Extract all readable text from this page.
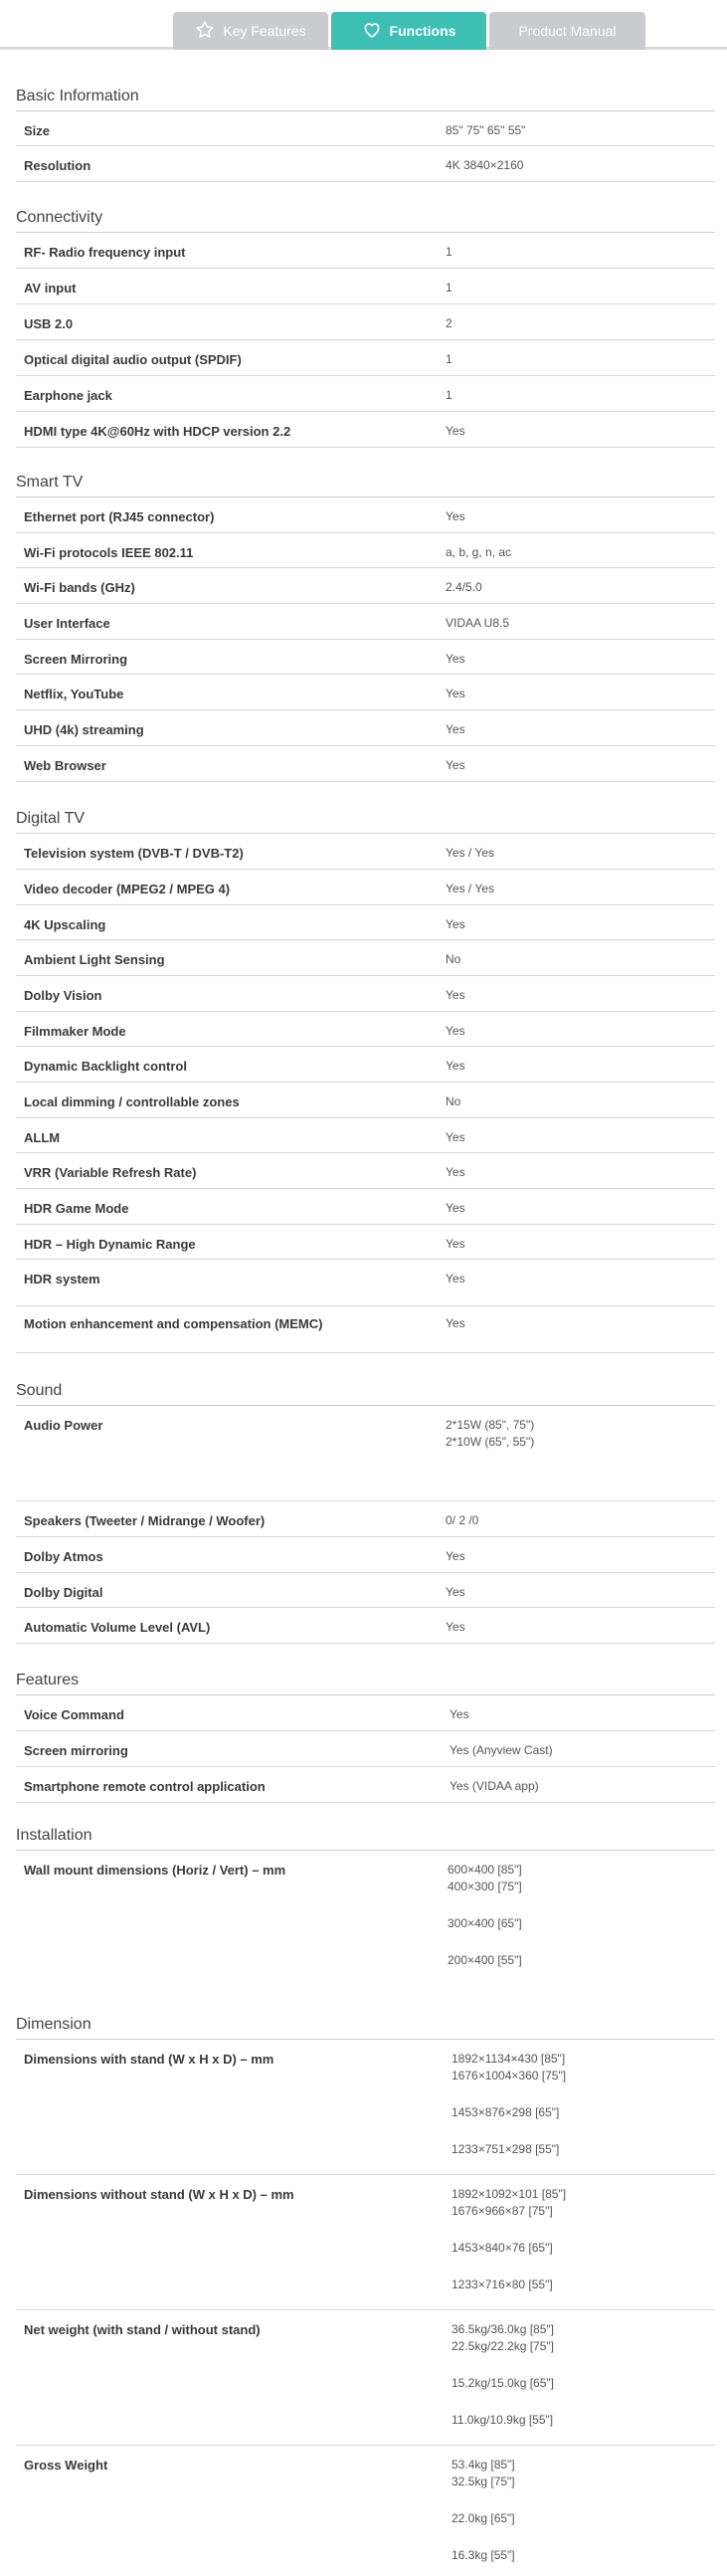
Key Features	Functions	Product Manual
Basic Information
Size	85" 75" 65" 55"
Resolution	4K 3840×2160
Connectivity
RF- Radio frequency input	1
AV input	1
USB 2.0	2
Optical digital audio output (SPDIF)	1
Earphone jack	1
HDMI type 4K@60Hz with HDCP version 2.2	Yes
Smart TV
Ethernet port (RJ45 connector)	Yes
Wi-Fi protocols IEEE 802.11	a, b, g, n, ac
Wi-Fi bands (GHz)	2.4/5.0
User Interface	VIDAA U8.5
Screen Mirroring	Yes
Netflix, YouTube	Yes
UHD (4k) streaming	Yes
Web Browser	Yes
Digital TV
Television system (DVB-T / DVB-T2)	Yes / Yes
Video decoder (MPEG2 / MPEG 4)	Yes / Yes
4K Upscaling	Yes
Ambient Light Sensing	No
Dolby Vision	Yes
Filmmaker Mode	Yes
Dynamic Backlight control	Yes
Local dimming / controllable zones	No
ALLM	Yes
VRR (Variable Refresh Rate)	Yes
HDR Game Mode	Yes
HDR – High Dynamic Range	Yes
HDR system	Yes
Motion enhancement and compensation (MEMC)	Yes
Sound
Audio Power	2*15W (85", 75")
2*10W (65", 55")
Speakers (Tweeter / Midrange / Woofer)	0/ 2 /0
Dolby Atmos	Yes
Dolby Digital	Yes
Automatic Volume Level (AVL)	Yes
Features
Voice Command	Yes
Screen mirroring	Yes (Anyview Cast)
Smartphone remote control application	Yes (VIDAA app)
Installation
Wall mount dimensions (Horiz / Vert) – mm	600×400 [85"]
400×300 [75"]
300×400 [65"]
200×400 [55"]
Dimension
Dimensions with stand (W x H x D) – mm	1892×1134×430 [85"]
1676×1004×360 [75"]
1453×876×298 [65"]
1233×751×298 [55"]
Dimensions without stand (W x H x D) – mm	1892×1092×101 [85"]
1676×966×87 [75"]
1453×840×76 [65"]
1233×716×80 [55"]
Net weight (with stand / without stand)	36.5kg/36.0kg [85"]
22.5kg/22.2kg [75"]
15.2kg/15.0kg [65"]
11.0kg/10.9kg [55"]
Gross Weight	53.4kg [85"]
32.5kg [75"]
22.0kg [65"]
16.3kg [55"]
